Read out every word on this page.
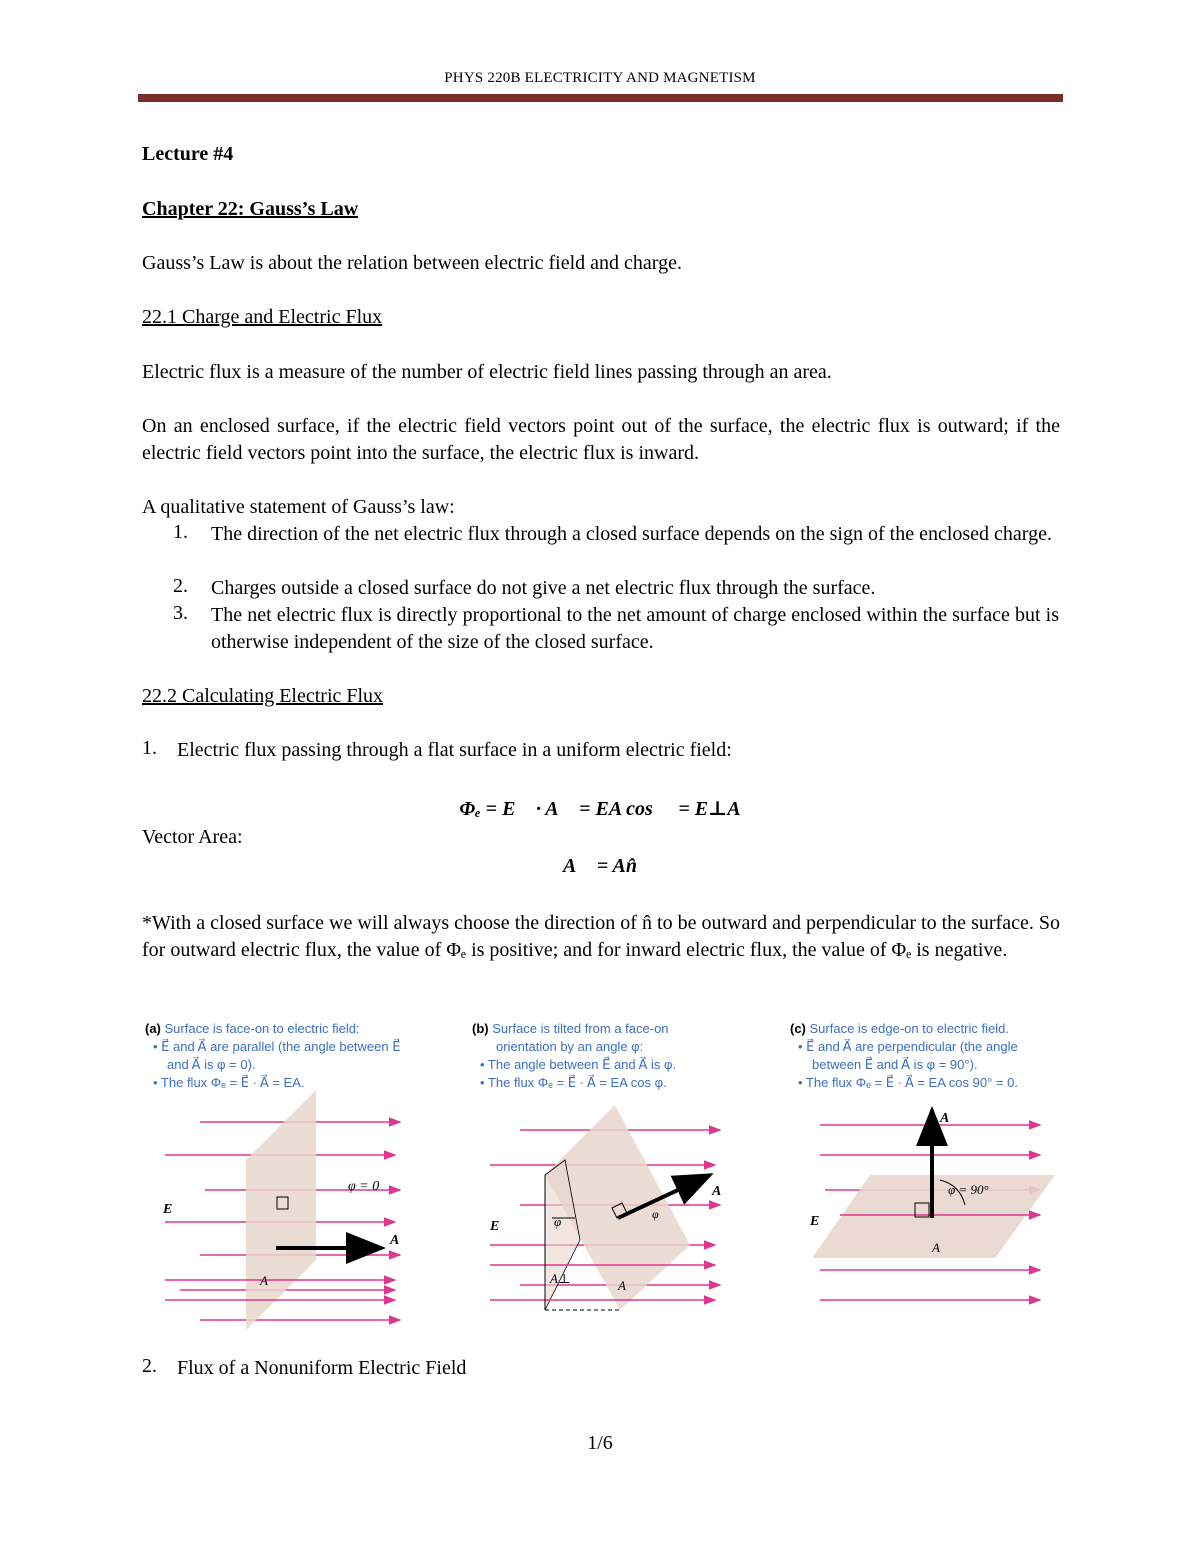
PHYS 220B ELECTRICITY AND MAGNETISM
Lecture #4
Chapter 22: Gauss’s Law
Gauss’s Law is about the relation between electric field and charge.
22.1 Charge and Electric Flux
Electric flux is a measure of the number of electric field lines passing through an area.
On an enclosed surface, if the electric field vectors point out of the surface, the electric flux is outward; if the electric field vectors point into the surface, the electric flux is inward.
A qualitative statement of Gauss’s law:
1. The direction of the net electric flux through a closed surface depends on the sign of the enclosed charge.
2. Charges outside a closed surface do not give a net electric flux through the surface.
3. The net electric flux is directly proportional to the net amount of charge enclosed within the surface but is otherwise independent of the size of the closed surface.
22.2 Calculating Electric Flux
1. Electric flux passing through a flat surface in a uniform electric field:
Φₑ = E⃗ · A⃗ = EA cos ∅ = E⊥A
Vector Area:
A⃗ = An̂
*With a closed surface we will always choose the direction of n̂ to be outward and perpendicular to the surface. So for outward electric flux, the value of Φₑ is positive; and for inward electric flux, the value of Φₑ is negative.
(a) Surface is face-on to electric field:
• E⃗ and A⃗ are parallel (the angle between E⃗
and A⃗ is φ = 0).
• The flux Φₑ = E⃗ · A⃗ = EA.
(b) Surface is tilted from a face-on
orientation by an angle φ:
• The angle between E⃗ and A⃗ is φ.
• The flux Φₑ = E⃗ · A⃗ = EA cos φ.
(c) Surface is edge-on to electric field.
• E⃗ and A⃗ are perpendicular (the angle
between E⃗ and A⃗ is φ = 90°).
• The flux Φₑ = E⃗ · A⃗ = EA cos 90° = 0.
φ = 0
E⃗
A⃗
A
φ	φ
E⃗
A⃗
A
A⊥
φ = 90°
E⃗
A⃗
A
2. Flux of a Nonuniform Electric Field
1/6
